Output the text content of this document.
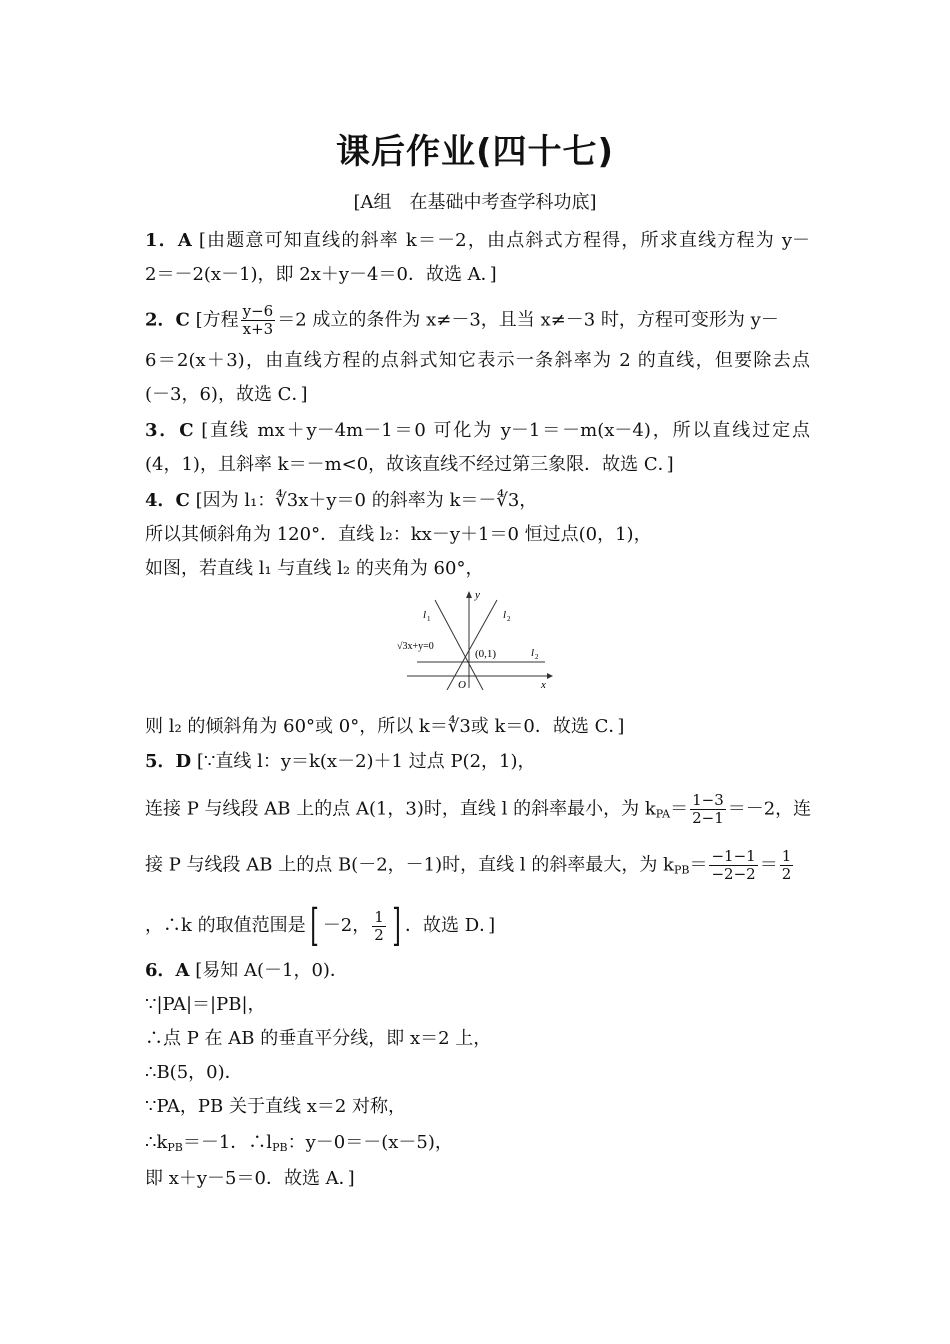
课后作业(四十七)
[A组　在基础中考查学科功底]
1．A [由题意可知直线的斜率 k＝－2，由点斜式方程得，所求直线方程为 y－
2＝－2(x－1)，即 2x＋y－4＝0．故选 A．]
2．C [方程 $\frac{y-6}{x+3} =2$ 成立的条件为 x≠－3，且当 x≠－3 时，方程可变形为 y－
6＝2(x＋3)，由直线方程的点斜式知它表示一条斜率为 2 的直线，但要除去点
(－3，6)，故选 C．]
3．C [直线 mx＋y－4m－1＝0 可化为 y－1＝－m(x－4)，所以直线过定点
(4，1)，且斜率 k＝－m<0，故该直线不经过第三象限．故选 C．]
4．C [因为 l₁：∜3x＋y＝0 的斜率为 k＝－∜3，
所以其倾斜角为 120°．直线 l₂：kx－y＋1＝0 恒过点(0，1)，
如图，若直线 l₁ 与直线 l₂ 的夹角为 60°，
l 1	l 2
l 2
y
x
O
(0,1)
√3x+y=0
则 l₂ 的倾斜角为 60°或 0°，所以 k＝∜3或 k＝0．故选 C．]
5．D [∵直线 l：y＝k(x－2)＋1 过点 P(2，1)，
连接 P 与线段 AB 上的点 A(1，3)时，直线 l 的斜率最小，为 $k_{PA}= \frac{1-3}{2-1} =-2$，连
接 P 与线段 AB 上的点 B(－2，－1)时，直线 l 的斜率最大，为 $k_{PB}= \frac{-1-1}{-2-2} = \frac{1}{2}$
，∴k 的取值范围是 [ －2， $\frac{1}{2}$ ] ．故选 D．]
6．A [易知 A(－1，0)．
∵|PA|＝|PB|，
∴点 P 在 AB 的垂直平分线，即 x＝2 上，
∴B(5，0)．
∵PA，PB 关于直线 x＝2 对称，
$\therefore k_{PB}=-1$．$\therefore l_{PB}$：y－0＝－(x－5)，
即 x＋y－5＝0．故选 A．]
